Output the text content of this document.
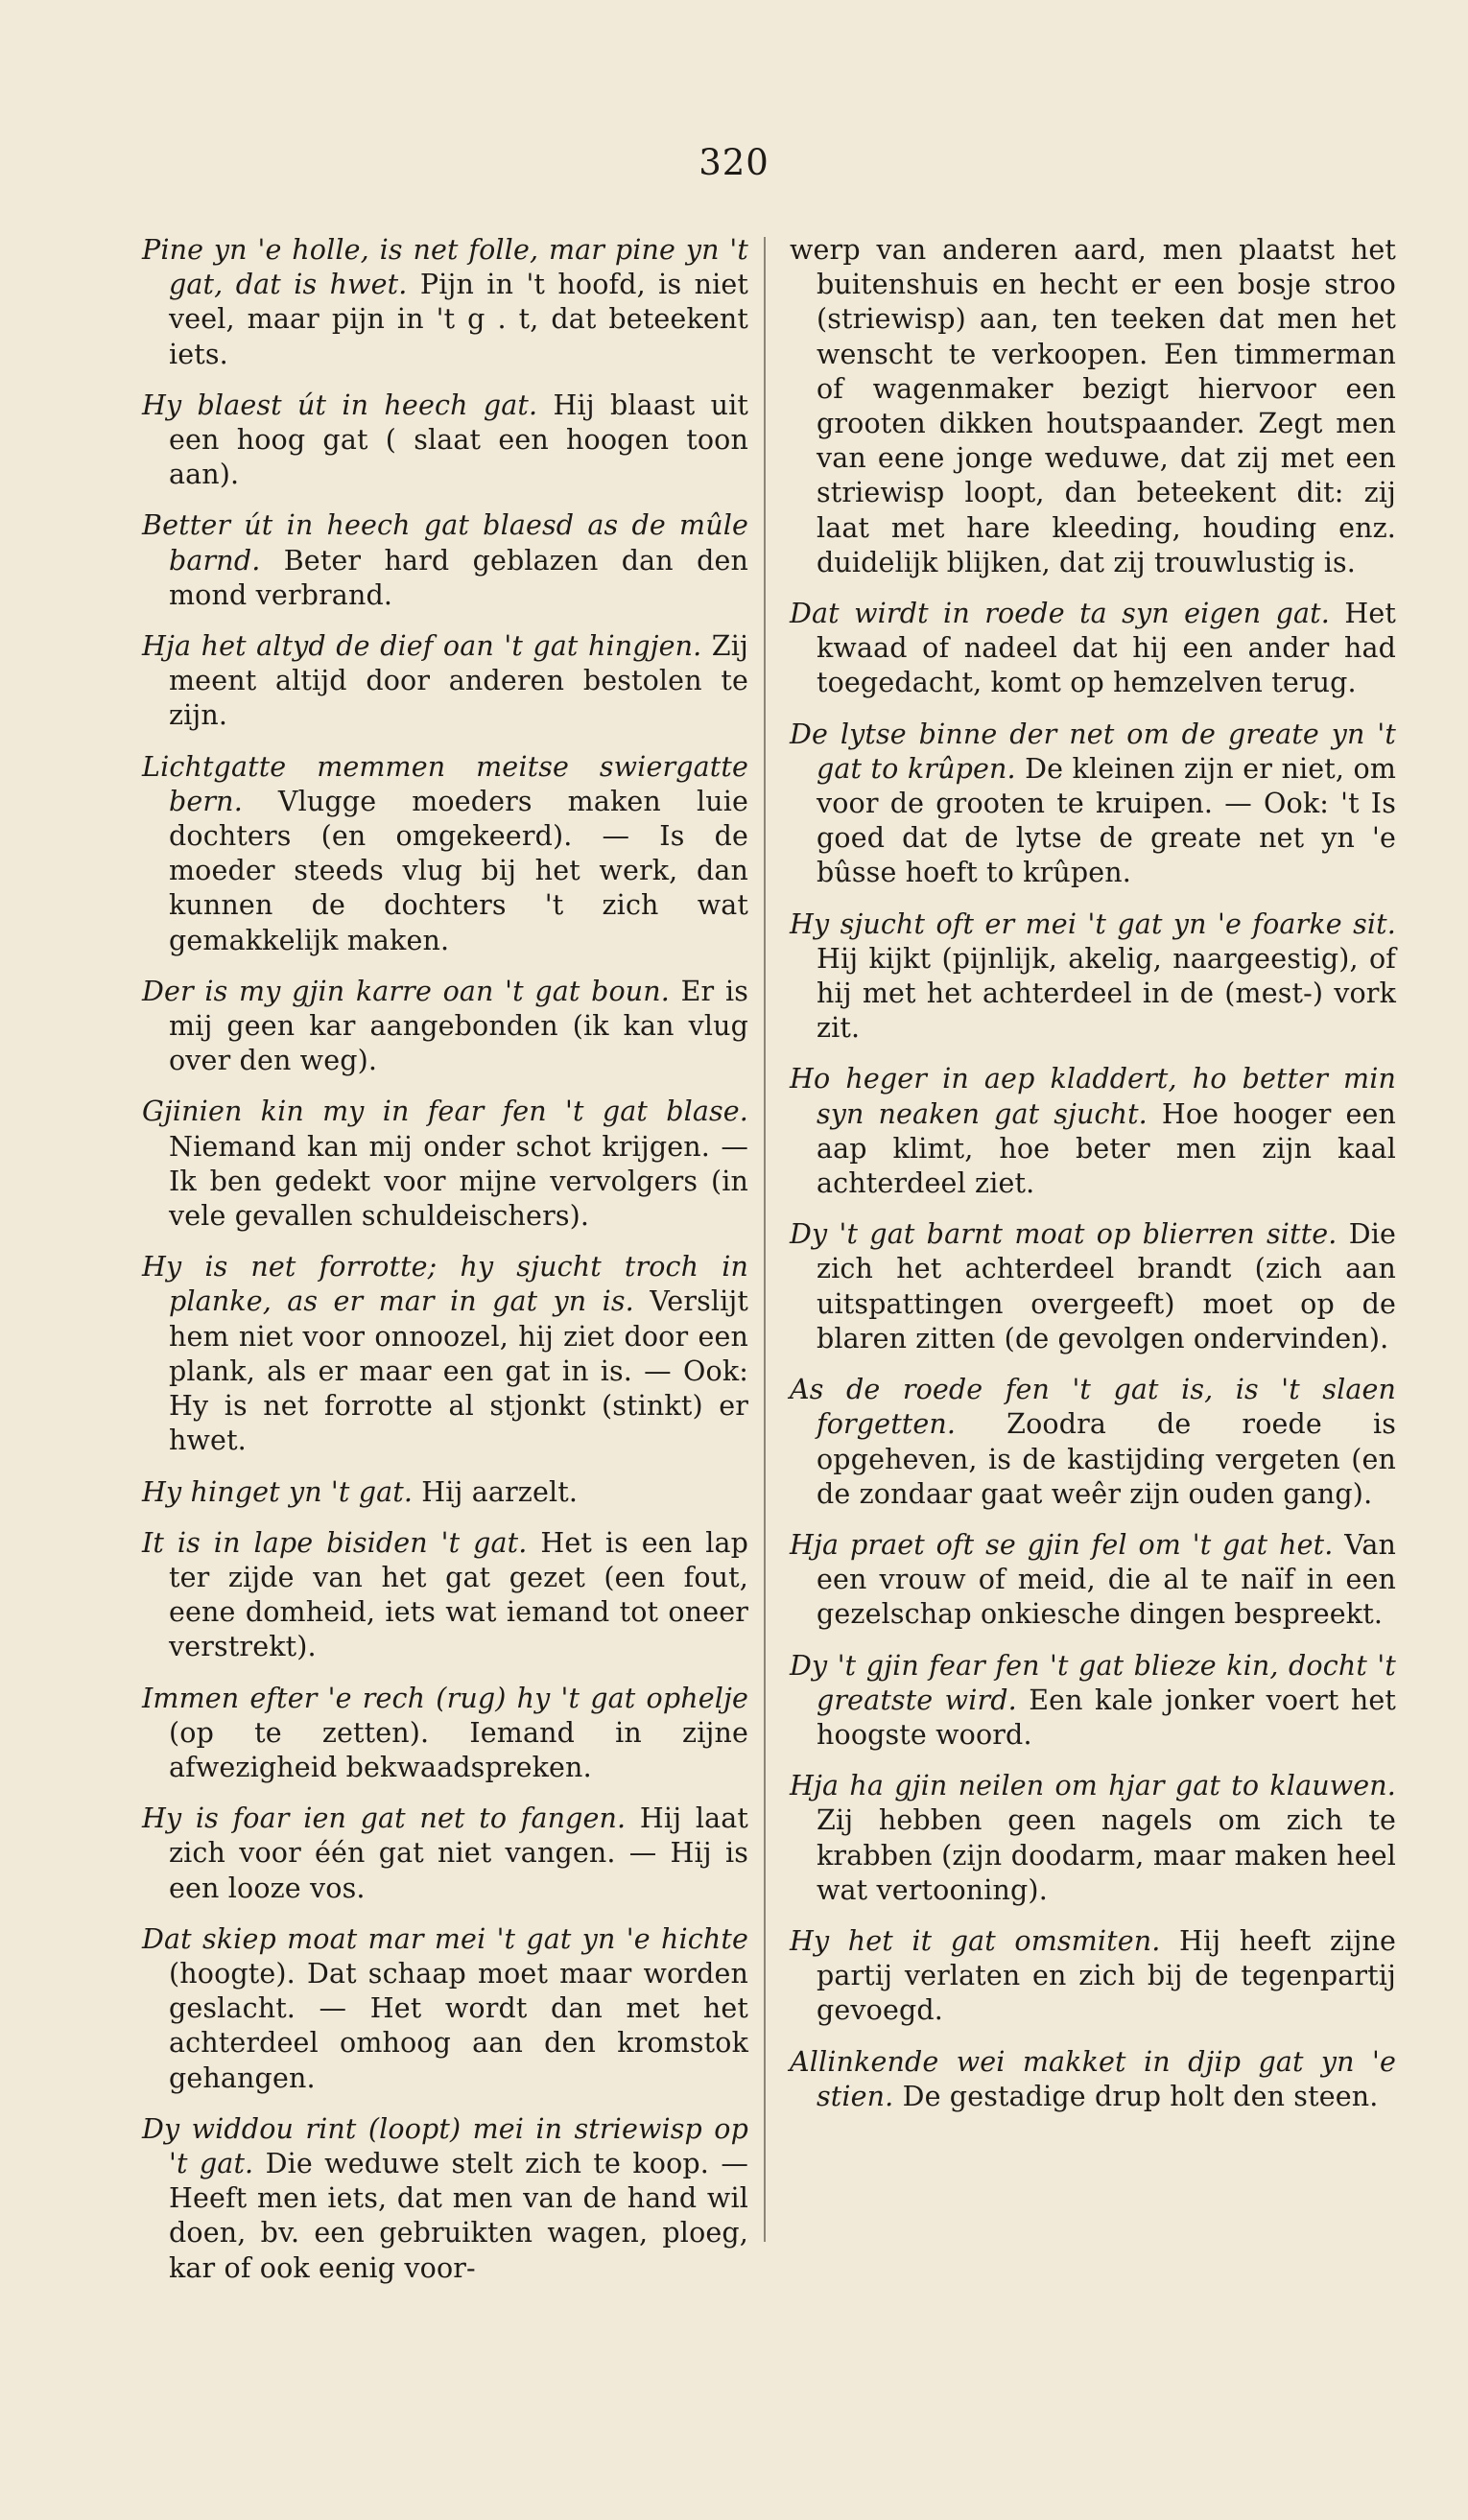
320

Pine yn 'e holle, is net folle, mar pine yn 't gat, dat is hwet. Pijn in 't hoofd, is niet veel, maar pijn in 't g . t, dat beteekent iets.

Hy blaest út in heech gat. Hij blaast uit een hoog gat ( slaat een hoogen toon aan).

Better út in heech gat blaesd as de mûle barnd. Beter hard geblazen dan den mond verbrand.

Hja het altyd de dief oan 't gat hingjen. Zij meent altijd door anderen bestolen te zijn.

Lichtgatte memmen meitse swiergatte bern. Vlugge moeders maken luie dochters (en omgekeerd). — Is de moeder steeds vlug bij het werk, dan kunnen de dochters 't zich wat gemakkelijk maken.

Der is my gjin karre oan 't gat boun. Er is mij geen kar aangebonden (ik kan vlug over den weg).

Gjinien kin my in fear fen 't gat blase. Niemand kan mij onder schot krijgen. — Ik ben gedekt voor mijne vervolgers (in vele gevallen schuldeischers).

Hy is net forrotte; hy sjucht troch in planke, as er mar in gat yn is. Verslijt hem niet voor onnoozel, hij ziet door een plank, als er maar een gat in is. — Ook: Hy is net forrotte al stjonkt (stinkt) er hwet.

Hy hinget yn 't gat. Hij aarzelt.

It is in lape bisiden 't gat. Het is een lap ter zijde van het gat gezet (een fout, eene domheid, iets wat iemand tot oneer verstrekt).

Immen efter 'e rech (rug) hy 't gat ophelje (op te zetten). Iemand in zijne afwezigheid bekwaadspreken.

Hy is foar ien gat net to fangen. Hij laat zich voor één gat niet vangen. — Hij is een looze vos.

Dat skiep moat mar mei 't gat yn 'e hichte (hoogte). Dat schaap moet maar worden geslacht. — Het wordt dan met het achterdeel omhoog aan den kromstok gehangen.

Dy widdou rint (loopt) mei in striewisp op 't gat. Die weduwe stelt zich te koop. — Heeft men iets, dat men van de hand wil doen, bv. een gebruikten wagen, ploeg, kar of ook eenig voor-

werp van anderen aard, men plaatst het buitenshuis en hecht er een bosje stroo (striewisp) aan, ten teeken dat men het wenscht te verkoopen. Een timmerman of wagenmaker bezigt hiervoor een grooten dikken houtspaander. Zegt men van eene jonge weduwe, dat zij met een striewisp loopt, dan beteekent dit: zij laat met hare kleeding, houding enz. duidelijk blijken, dat zij trouwlustig is.

Dat wirdt in roede ta syn eigen gat. Het kwaad of nadeel dat hij een ander had toegedacht, komt op hemzelven terug.

De lytse binne der net om de greate yn 't gat to krûpen. De kleinen zijn er niet, om voor de grooten te kruipen. — Ook: 't Is goed dat de lytse de greate net yn 'e bûsse hoeft to krûpen.

Hy sjucht oft er mei 't gat yn 'e foarke sit. Hij kijkt (pijnlijk, akelig, naargeestig), of hij met het achterdeel in de (mest-) vork zit.

Ho heger in aep kladdert, ho better min syn neaken gat sjucht. Hoe hooger een aap klimt, hoe beter men zijn kaal achterdeel ziet.

Dy 't gat barnt moat op blierren sitte. Die zich het achterdeel brandt (zich aan uitspattingen overgeeft) moet op de blaren zitten (de gevolgen ondervinden).

As de roede fen 't gat is, is 't slaen forgetten. Zoodra de roede is opgeheven, is de kastijding vergeten (en de zondaar gaat weêr zijn ouden gang).

Hja praet oft se gjin fel om 't gat het. Van een vrouw of meid, die al te naïf in een gezelschap onkiesche dingen bespreekt.

Dy 't gjin fear fen 't gat blieze kin, docht 't greatste wird. Een kale jonker voert het hoogste woord.

Hja ha gjin neilen om hjar gat to klauwen. Zij hebben geen nagels om zich te krabben (zijn doodarm, maar maken heel wat vertooning).

Hy het it gat omsmiten. Hij heeft zijne partij verlaten en zich bij de tegenpartij gevoegd.

Allinkende wei makket in djip gat yn 'e stien. De gestadige drup holt den steen.
